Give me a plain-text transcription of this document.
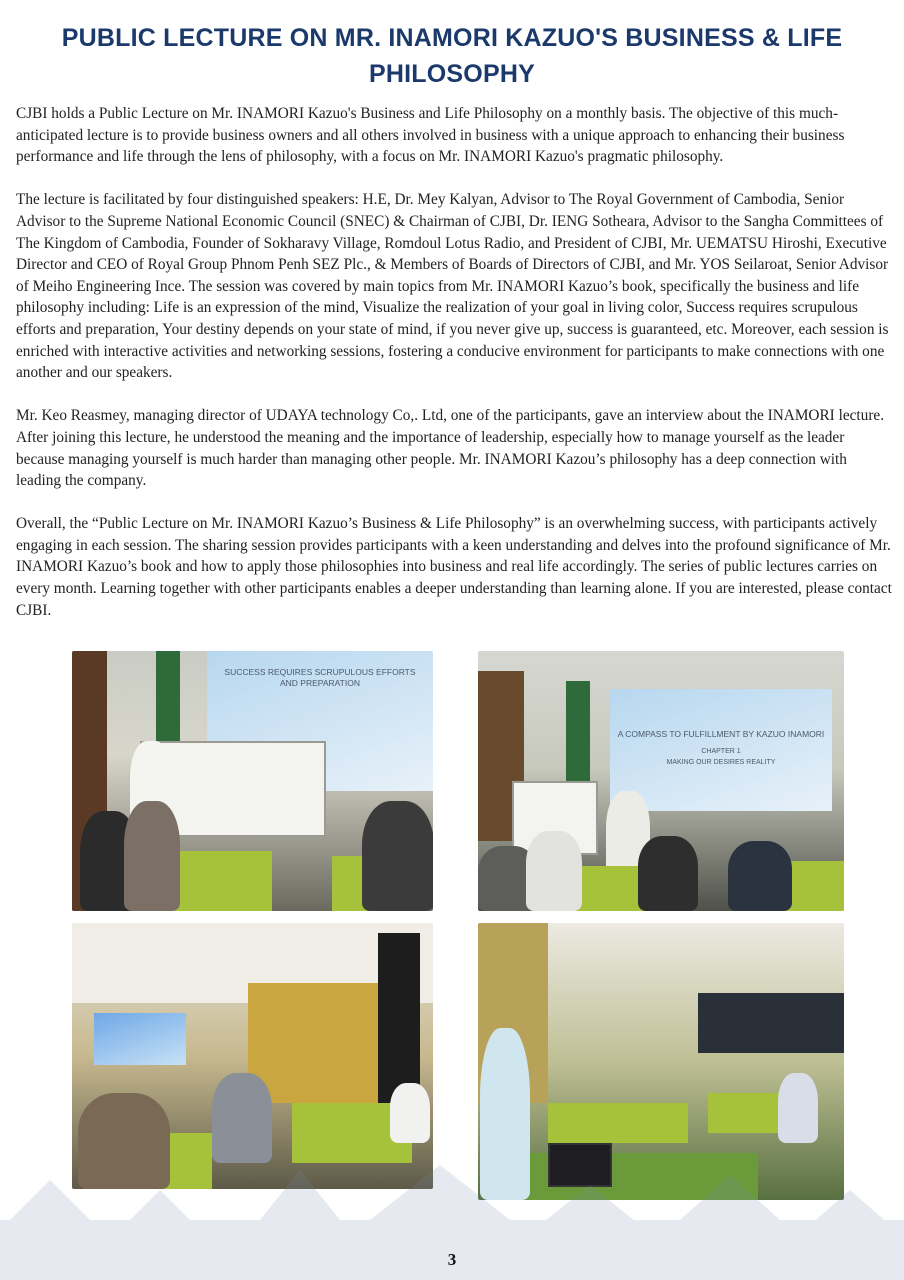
PUBLIC LECTURE ON MR. INAMORI KAZUO'S BUSINESS & LIFE PHILOSOPHY

CJBI holds a Public Lecture on Mr. INAMORI Kazuo's Business and Life Philosophy on a monthly basis. The objective of this much-anticipated lecture is to provide business owners and all others involved in business with a unique approach to enhancing their business performance and life through the lens of philosophy, with a focus on Mr. INAMORI Kazuo's pragmatic philosophy.

The lecture is facilitated by four distinguished speakers: H.E, Dr. Mey Kalyan, Advisor to The Royal Government of Cambodia, Senior Advisor to the Supreme National Economic Council (SNEC) & Chairman of CJBI, Dr. IENG Sotheara, Advisor to the Sangha Committees of The Kingdom of Cambodia, Founder of Sokharavy Village, Romdoul Lotus Radio, and President of CJBI, Mr. UEMATSU Hiroshi, Executive Director and CEO of Royal Group Phnom Penh SEZ Plc., & Members of Boards of Directors of CJBI, and Mr. YOS Seilaroat, Senior Advisor of Meiho Engineering Ince. The session was covered by main topics from Mr. INAMORI Kazuo’s book, specifically the business and life philosophy including: Life is an expression of the mind, Visualize the realization of your goal in living color, Success requires scrupulous efforts and preparation, Your destiny depends on your state of mind, if you never give up, success is guaranteed, etc. Moreover, each session is enriched with interactive activities and networking sessions, fostering a conducive environment for participants to make connections with one another and our speakers.

Mr. Keo Reasmey, managing director of UDAYA technology Co,. Ltd, one of the participants, gave an interview about the INAMORI lecture. After joining this lecture, he understood the meaning and the importance of leadership, especially how to manage yourself as the leader because managing yourself is much harder than managing other people. Mr. INAMORI Kazou’s philosophy has a deep connection with leading the company.

Overall, the “Public Lecture on Mr. INAMORI Kazuo’s Business & Life Philosophy” is an overwhelming success, with participants actively engaging in each session. The sharing session provides participants with a keen understanding and delves into the profound significance of Mr. INAMORI Kazuo’s book and how to apply those philosophies into business and real life accordingly. The series of public lectures carries on every month. Learning together with other participants enables a deeper understanding than learning alone. If you are interested, please contact CJBI.

SUCCESS REQUIRES SCRUPULOUS EFFORTS AND PREPARATION
A COMPASS TO FULFILLMENT BY KAZUO INAMORI
CHAPTER 1
MAKING OUR DESIRES REALITY
3
